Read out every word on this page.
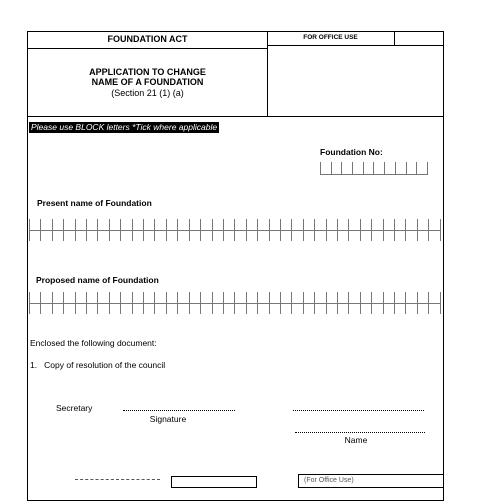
FOUNDATION ACT	FOR OFFICE USE
APPLICATION TO CHANGE
NAME OF A FOUNDATION
(Section 21 (1) (a)
Please use BLOCK letters *Tick where applicable
Foundation No:
Present name of Foundation
Proposed name of Foundation
Enclosed the following document:
1.   Copy of resolution of the council
Secretary
Signature
Name
(For Office Use)
